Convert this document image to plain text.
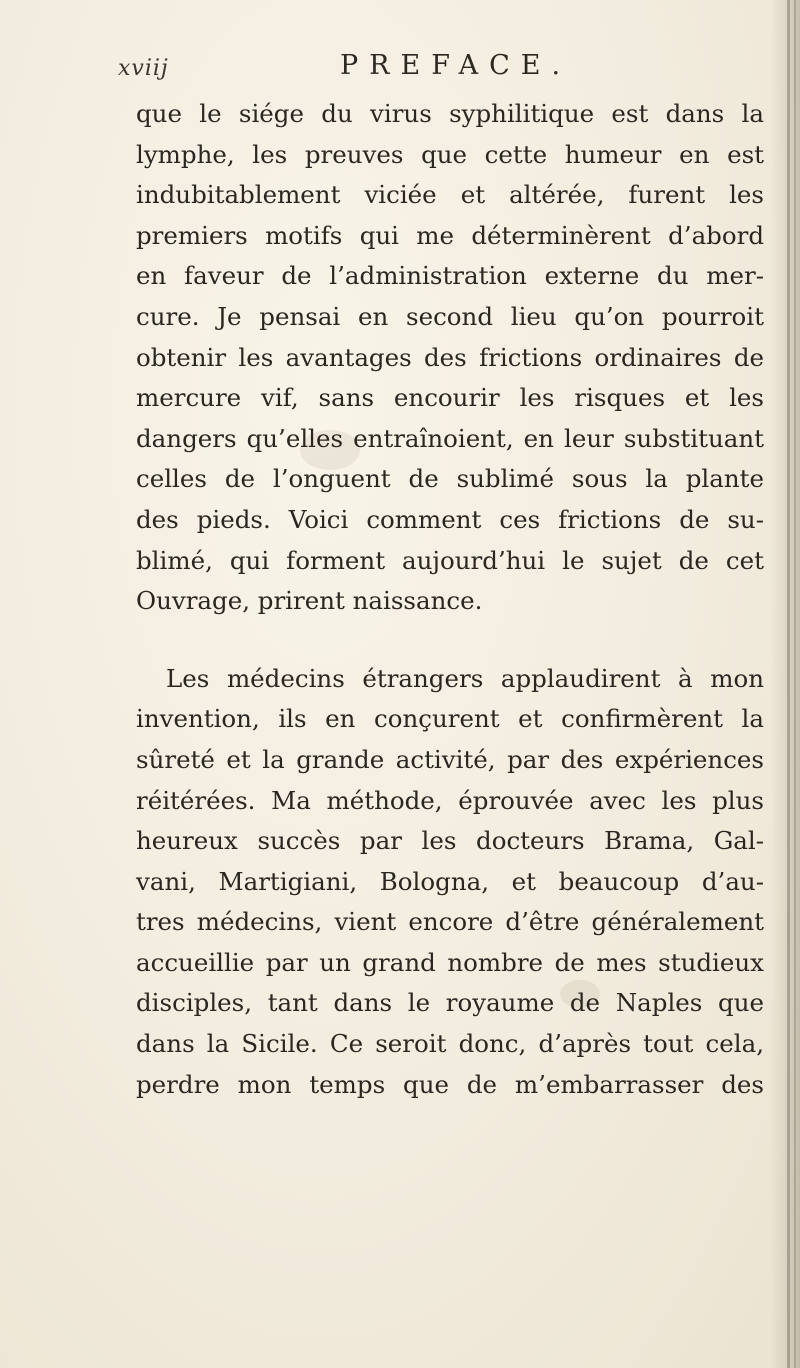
xviij	PREFACE.
que le siége du virus syphilitique est dans la
lymphe, les preuves que cette humeur en est
indubitablement viciée et altérée, furent les
premiers motifs qui me déterminèrent d’abord
en faveur de l’administration externe du mer-
cure. Je pensai en second lieu qu’on pourroit
obtenir les avantages des frictions ordinaires de
mercure vif, sans encourir les risques et les
dangers qu’elles entraînoient, en leur substituant
celles de l’onguent de sublimé sous la plante
des pieds. Voici comment ces frictions de su-
blimé, qui forment aujourd’hui le sujet de cet
Ouvrage, prirent naissance.
Les médecins étrangers applaudirent à mon
invention, ils en conçurent et confirmèrent la
sûreté et la grande activité, par des expériences
réitérées. Ma méthode, éprouvée avec les plus
heureux succès par les docteurs Brama, Gal-
vani, Martigiani, Bologna, et beaucoup d’au-
tres médecins, vient encore d’être généralement
accueillie par un grand nombre de mes studieux
disciples, tant dans le royaume de Naples que
dans la Sicile. Ce seroit donc, d’après tout cela,
perdre mon temps que de m’embarrasser des
